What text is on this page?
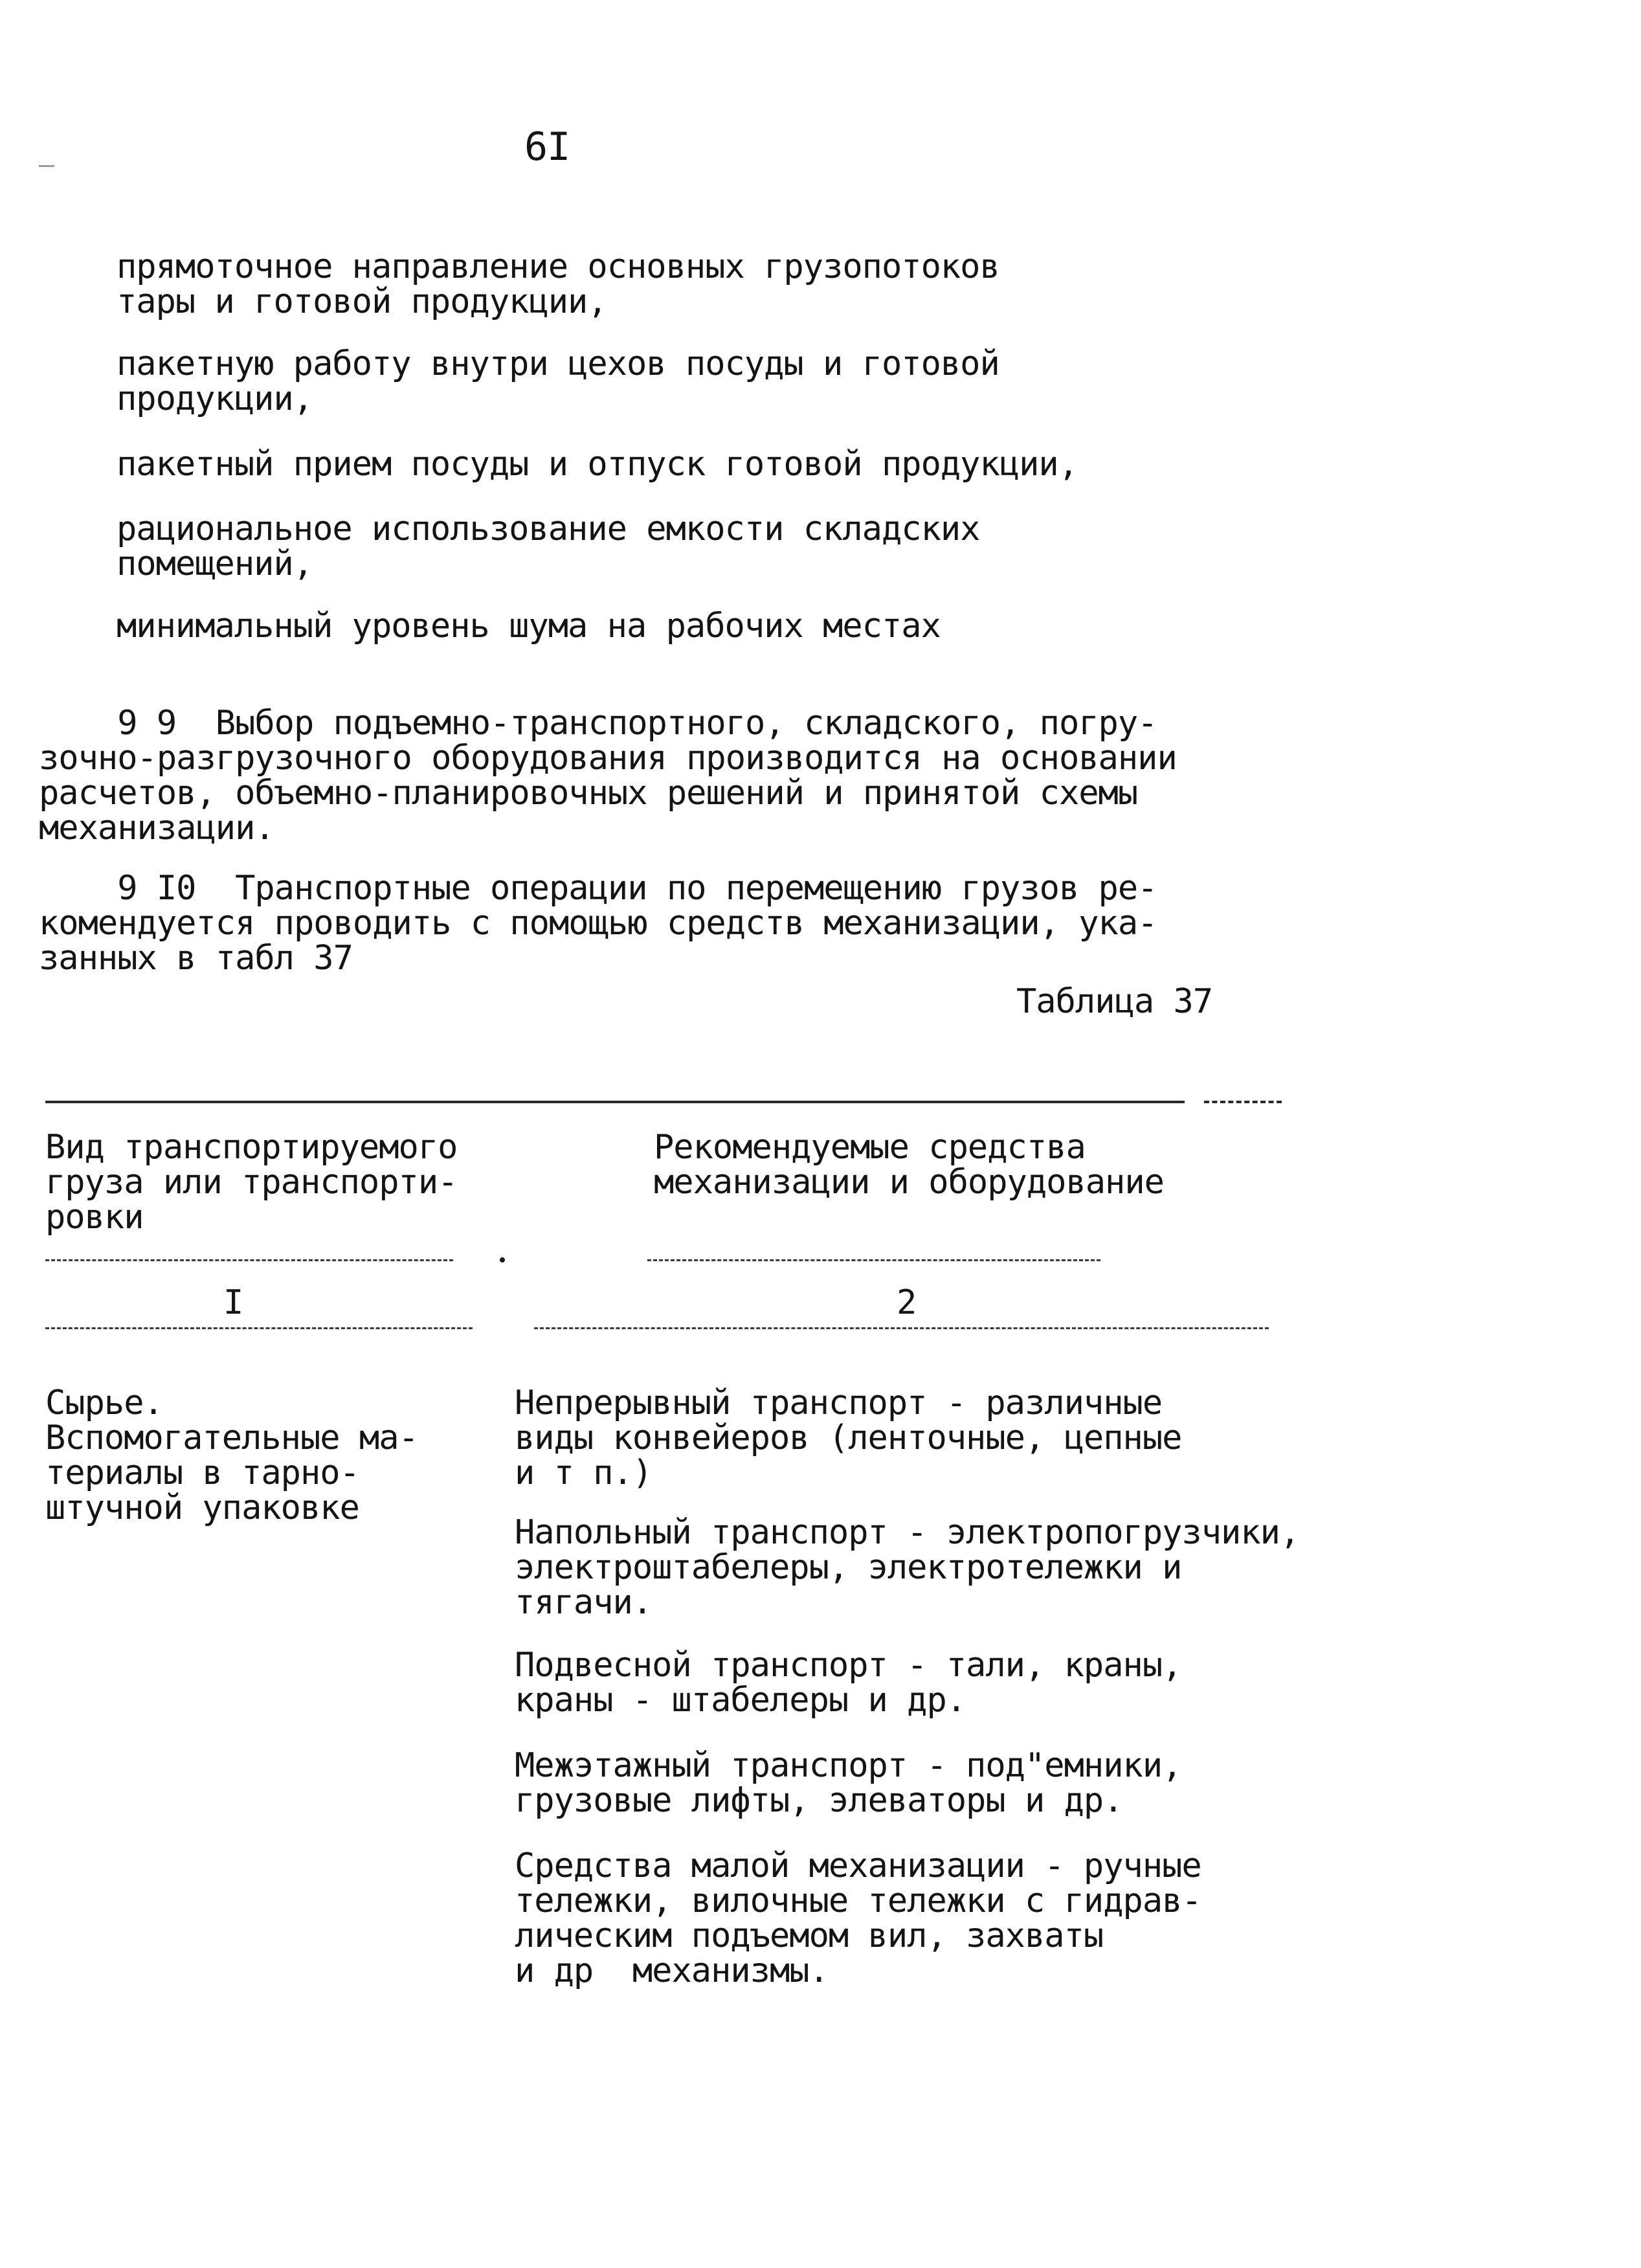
6I
прямоточное направление основных грузопотоков
тары и готовой продукции,
пакетную работу внутри цехов посуды и готовой
продукции,
пакетный прием посуды и отпуск готовой продукции,
рациональное использование емкости складских
помещений,
минимальный уровень шума на рабочих местах
9 9  Выбор подъемно-транспортного, складского, погру-
зочно-разгрузочного оборудования производится на основании
расчетов, объемно-планировочных решений и принятой схемы
механизации.
9 I0  Транспортные операции по перемещению грузов ре-
комендуется проводить с помощью средств механизации, ука-
занных в табл 37
Таблица 37
Вид транспортируемого
груза или транспорти-
ровки
Рекомендуемые средства
механизации и оборудование
I	2
Сырье.
Вспомогательные ма-
териалы в тарно-
штучной упаковке
Непрерывный транспорт - различные
виды конвейеров (ленточные, цепные
и т п.)
Напольный транспорт - электропогрузчики,
электроштабелеры, электротележки и
тягачи.
Подвесной транспорт - тали, краны,
краны - штабелеры и др.
Межэтажный транспорт - под"емники,
грузовые лифты, элеваторы и др.
Средства малой механизации - ручные
тележки, вилочные тележки с гидрав-
лическим подъемом вил, захваты
и др  механизмы.
